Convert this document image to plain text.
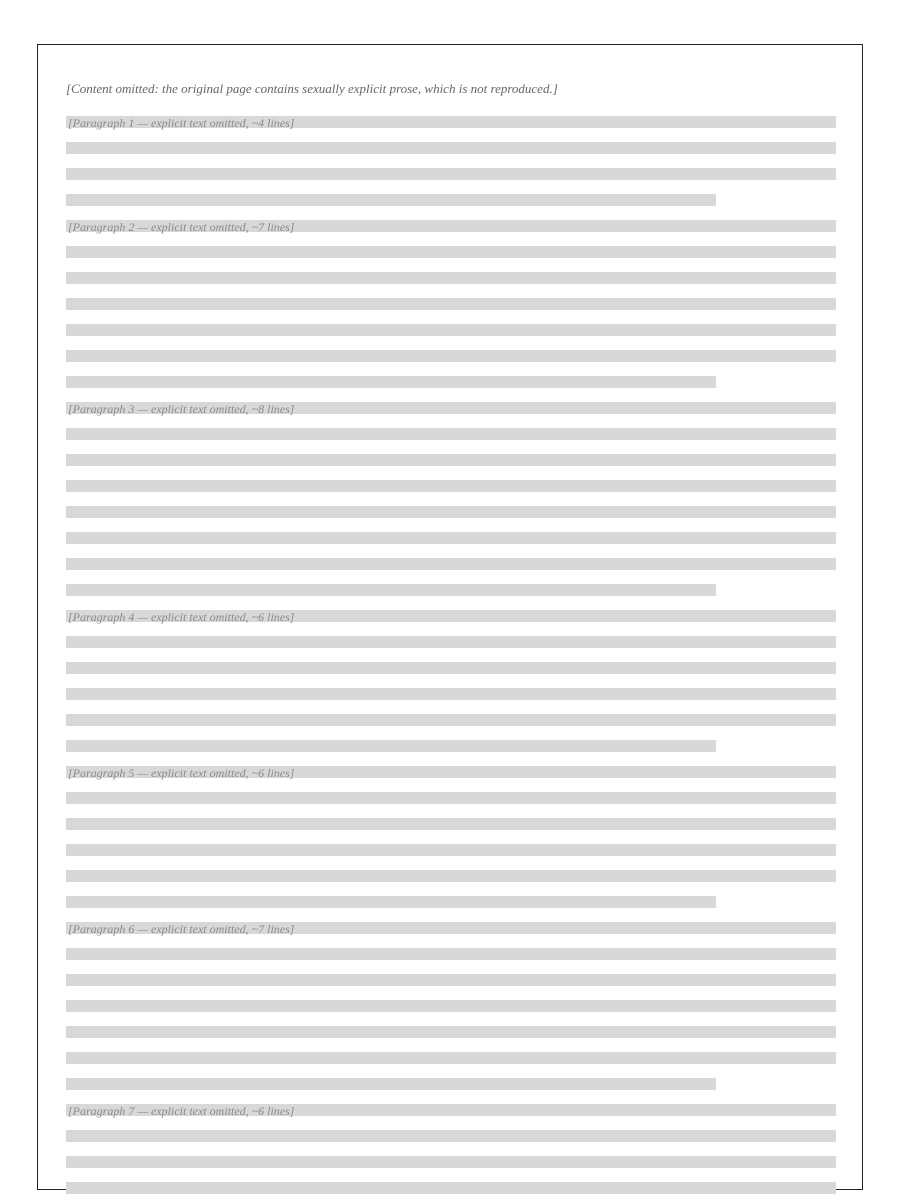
[Content omitted: the original page contains sexually explicit prose, which is not reproduced.]
[Paragraph 1 — explicit text omitted, ~4 lines]
[Paragraph 2 — explicit text omitted, ~7 lines]
[Paragraph 3 — explicit text omitted, ~8 lines]
[Paragraph 4 — explicit text omitted, ~6 lines]
[Paragraph 5 — explicit text omitted, ~6 lines]
[Paragraph 6 — explicit text omitted, ~7 lines]
[Paragraph 7 — explicit text omitted, ~6 lines]
